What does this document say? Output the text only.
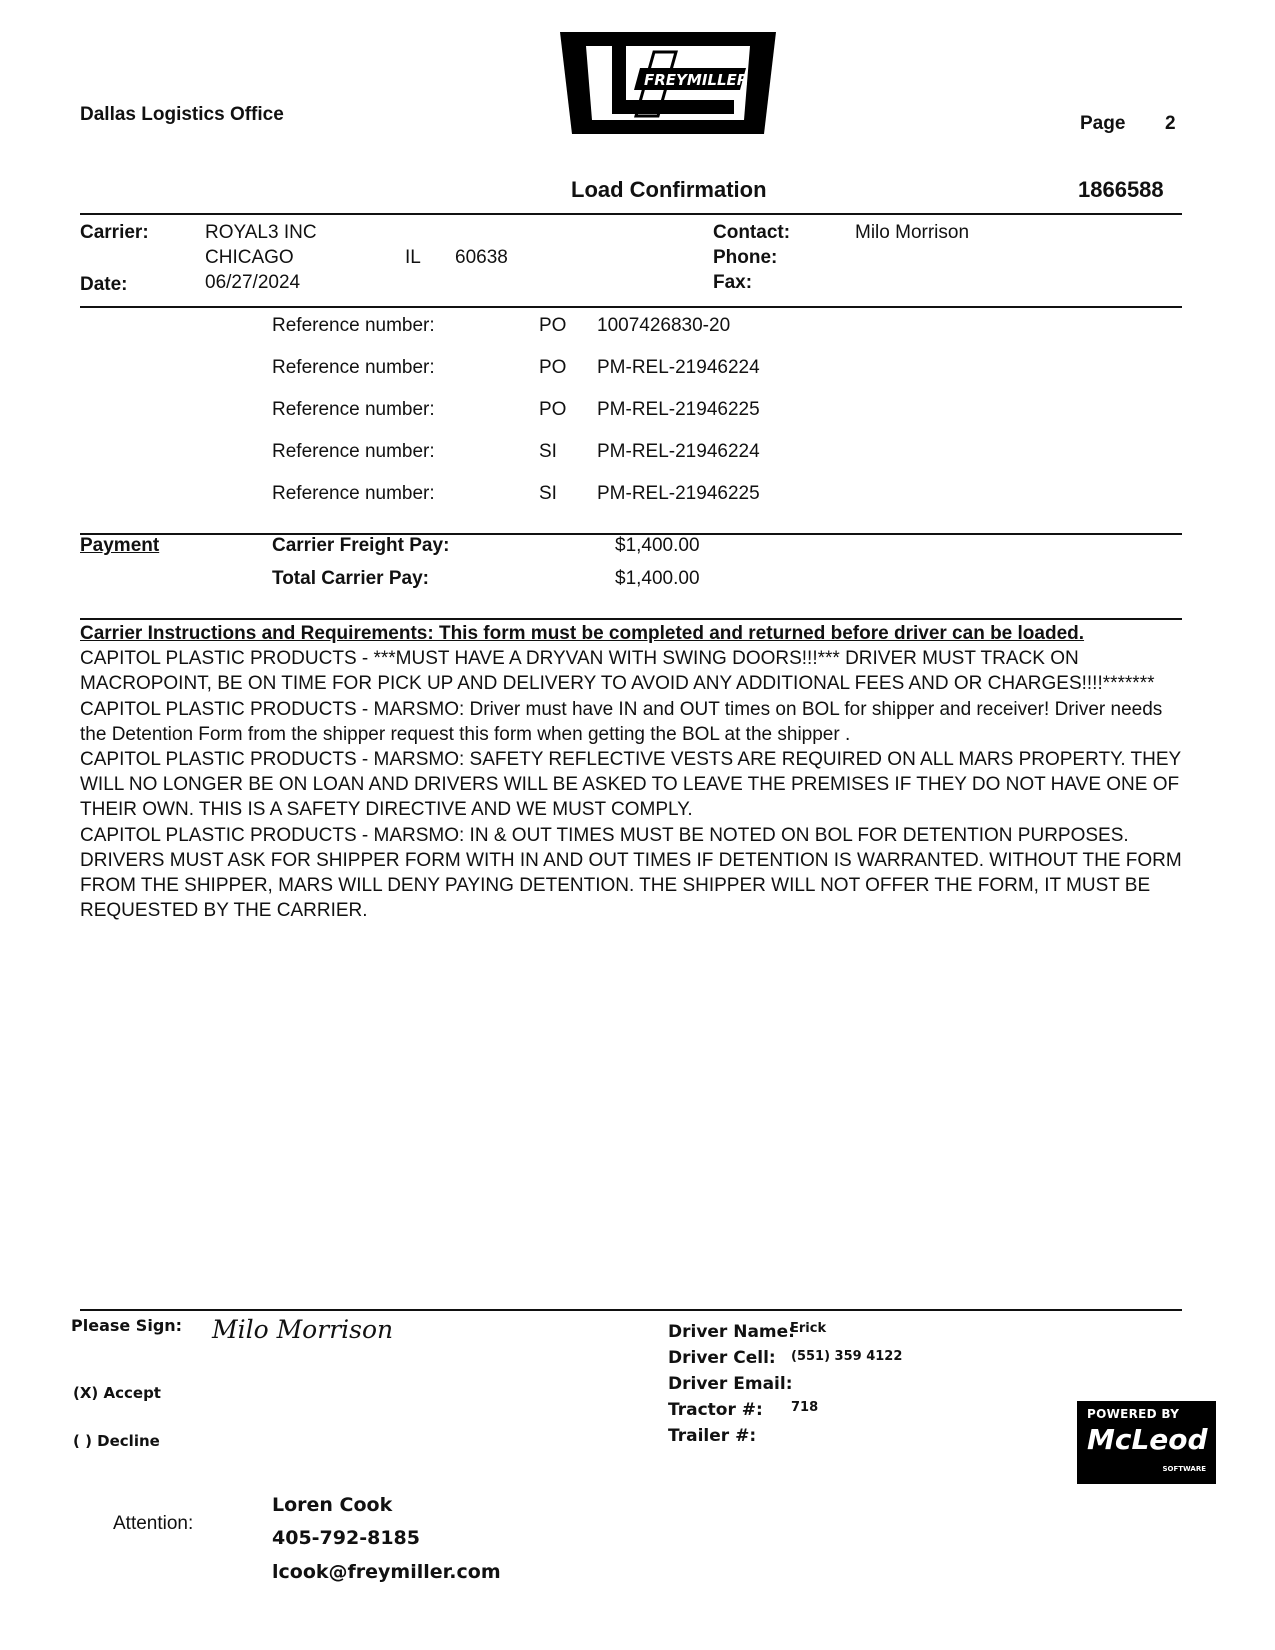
Dallas Logistics Office
FREYMILLER
Page 2
Load Confirmation	1866588
Carrier:	ROYAL3 INC
CHICAGO	IL 60638
Date:	06/27/2024
Contact:	Milo Morrison
Phone:
Fax:
Reference number:	PO 1007426830-20
Reference number:	PO PM-REL-21946224
Reference number:	PO PM-REL-21946225
Reference number:	SI PM-REL-21946224
Reference number:	SI PM-REL-21946225
Payment	Carrier Freight Pay:	$1,400.00
Total Carrier Pay:	$1,400.00

Carrier Instructions and Requirements: This form must be completed and returned before driver can be loaded.

CAPITOL PLASTIC PRODUCTS - ***MUST HAVE A DRYVAN WITH SWING DOORS!!!*** DRIVER MUST TRACK ON MACROPOINT, BE ON TIME FOR PICK UP AND DELIVERY TO AVOID ANY ADDITIONAL FEES AND OR CHARGES!!!!*******

CAPITOL PLASTIC PRODUCTS - MARSMO: Driver must have IN and OUT times on BOL for shipper and receiver! Driver needs the Detention Form from the shipper request this form when getting the BOL at the shipper .

CAPITOL PLASTIC PRODUCTS - MARSMO: SAFETY REFLECTIVE VESTS ARE REQUIRED ON ALL MARS PROPERTY. THEY WILL NO LONGER BE ON LOAN AND DRIVERS WILL BE ASKED TO LEAVE THE PREMISES IF THEY DO NOT HAVE ONE OF THEIR OWN. THIS IS A SAFETY DIRECTIVE AND WE MUST COMPLY.

CAPITOL PLASTIC PRODUCTS - MARSMO: IN & OUT TIMES MUST BE NOTED ON BOL FOR DETENTION PURPOSES. DRIVERS MUST ASK FOR SHIPPER FORM WITH IN AND OUT TIMES IF DETENTION IS WARRANTED. WITHOUT THE FORM FROM THE SHIPPER, MARS WILL DENY PAYING DETENTION. THE SHIPPER WILL NOT OFFER THE FORM, IT MUST BE REQUESTED BY THE CARRIER.

Please Sign: Milo Morrison
(X) Accept
( ) Decline
Driver Name:
Erick
Driver Cell: (551) 359 4122
Driver Email:
Tractor #: 718
Trailer #:
POWERED BY
McLeod
SOFTWARE
Attention:
Loren Cook
405-792-8185
lcook@freymiller.com
